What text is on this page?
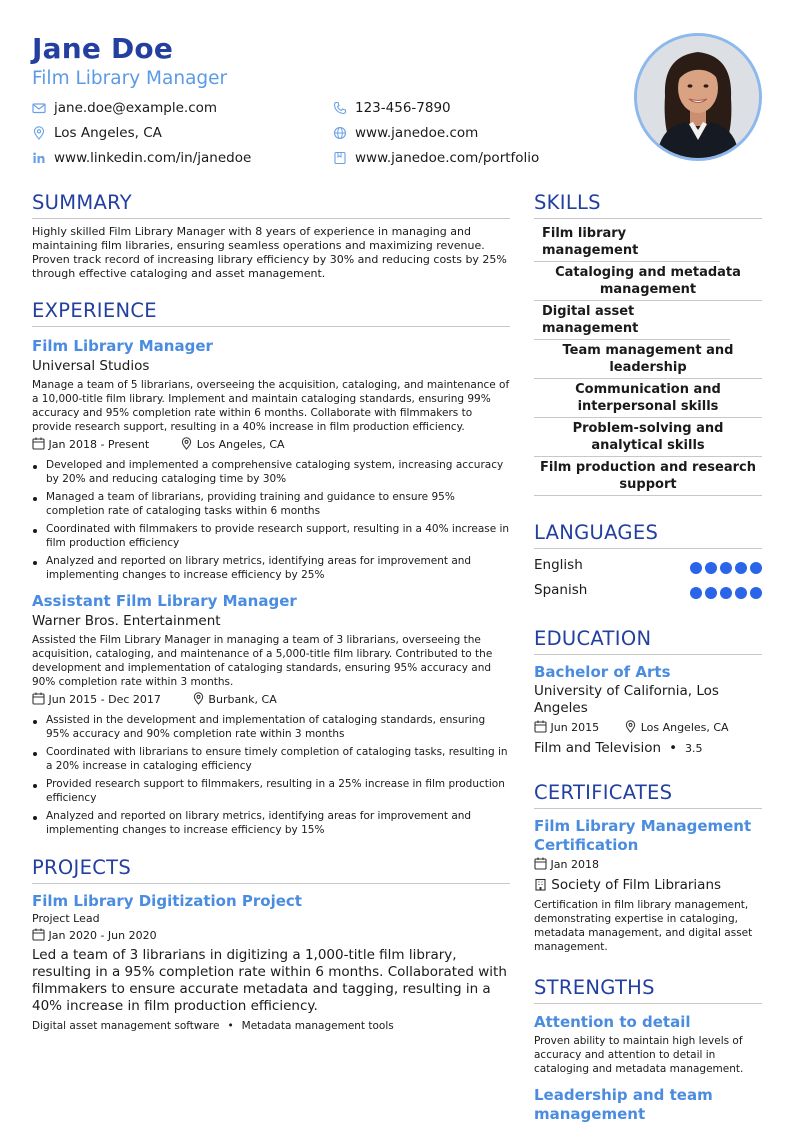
Jane Doe
Film Library Manager
jane.doe@example.com	123-456-7890
Los Angeles, CA	www.janedoe.com
www.linkedin.com/in/janedoe	www.janedoe.com/portfolio
SUMMARY
Highly skilled Film Library Manager with 8 years of experience in managing and maintaining film libraries, ensuring seamless operations and maximizing revenue. Proven track record of increasing library efficiency by 30% and reducing costs by 25% through effective cataloging and asset management.
EXPERIENCE
Film Library Manager
Universal Studios
Manage a team of 5 librarians, overseeing the acquisition, cataloging, and maintenance of a 10,000-title film library. Implement and maintain cataloging standards, ensuring 99% accuracy and 95% completion rate within 6 months. Collaborate with filmmakers to provide research support, resulting in a 40% increase in film production efficiency.
Jan 2018 - Present	Los Angeles, CA
Developed and implemented a comprehensive cataloging system, increasing accuracy by 20% and reducing cataloging time by 30%
Managed a team of librarians, providing training and guidance to ensure 95% completion rate of cataloging tasks within 6 months
Coordinated with filmmakers to provide research support, resulting in a 40% increase in film production efficiency
Analyzed and reported on library metrics, identifying areas for improvement and implementing changes to increase efficiency by 25%
Assistant Film Library Manager
Warner Bros. Entertainment
Assisted the Film Library Manager in managing a team of 3 librarians, overseeing the acquisition, cataloging, and maintenance of a 5,000-title film library. Contributed to the development and implementation of cataloging standards, ensuring 95% accuracy and 90% completion rate within 3 months.
Jun 2015 - Dec 2017	Burbank, CA
Assisted in the development and implementation of cataloging standards, ensuring 95% accuracy and 90% completion rate within 3 months
Coordinated with librarians to ensure timely completion of cataloging tasks, resulting in a 20% increase in cataloging efficiency
Provided research support to filmmakers, resulting in a 25% increase in film production efficiency
Analyzed and reported on library metrics, identifying areas for improvement and implementing changes to increase efficiency by 15%
PROJECTS
Film Library Digitization Project
Project Lead
Jan 2020 - Jun 2020
Led a team of 3 librarians in digitizing a 1,000-title film library, resulting in a 95% completion rate within 6 months. Collaborated with filmmakers to ensure accurate metadata and tagging, resulting in a 40% increase in film production efficiency.
Digital asset management software • Metadata management tools
SKILLS
Film library management
Cataloging and metadata management
Digital asset management
Team management and leadership
Communication and interpersonal skills
Problem-solving and analytical skills
Film production and research support
LANGUAGES
English
Spanish
EDUCATION
Bachelor of Arts
University of California, Los Angeles
Jun 2015	Los Angeles, CA
Film and Television • 3.5
CERTIFICATES
Film Library Management Certification
Jan 2018
Society of Film Librarians
Certification in film library management, demonstrating expertise in cataloging, metadata management, and digital asset management.
STRENGTHS
Attention to detail
Proven ability to maintain high levels of accuracy and attention to detail in cataloging and metadata management.
Leadership and team management
